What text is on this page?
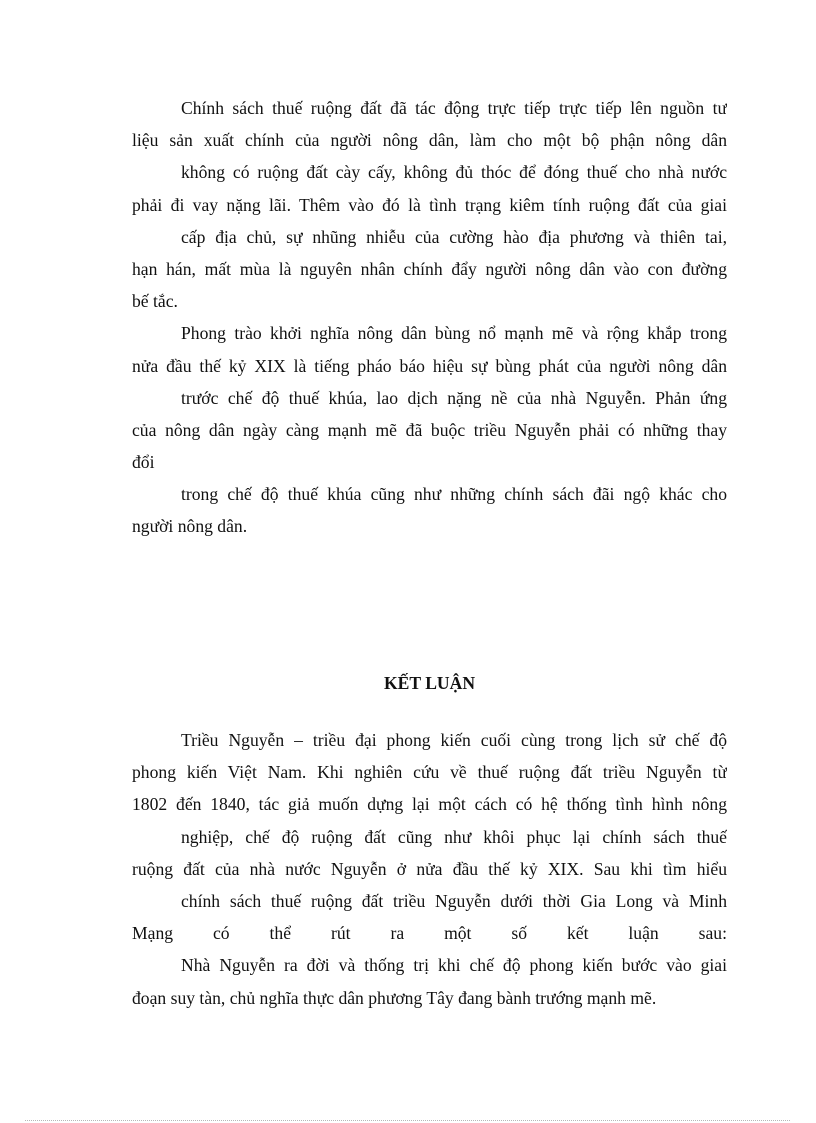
Chính sách thuế ruộng đất đã tác động trực tiếp trực tiếp lên nguồn tư
liệu sản xuất chính của người nông dân, làm cho một bộ phận nông dân
không có ruộng đất cày cấy, không đủ thóc để đóng thuế cho nhà nước
phải đi vay nặng lãi. Thêm vào đó là tình trạng kiêm tính ruộng đất của giai
cấp địa chủ, sự nhũng nhiễu của cường hào địa phương và thiên tai,
hạn hán, mất mùa là nguyên nhân chính đẩy người nông dân vào con đường
bế tắc.
Phong trào khởi nghĩa nông dân bùng nổ mạnh mẽ và rộng khắp trong
nửa đầu thế kỷ XIX là tiếng pháo báo hiệu sự bùng phát của người nông dân
trước chế độ thuế khúa, lao dịch nặng nề của nhà Nguyễn. Phản ứng
của nông dân ngày càng mạnh mẽ đã buộc triều Nguyễn phải có những thay
đổi
trong chế độ thuế khúa cũng như những chính sách đãi ngộ khác cho
người nông dân.
KẾT LUẬN
Triều Nguyễn – triều đại phong kiến cuối cùng trong lịch sử chế độ
phong kiến Việt Nam. Khi nghiên cứu về thuế ruộng đất triều Nguyễn từ
1802 đến 1840, tác giả muốn dựng lại một cách có hệ thống tình hình nông
nghiệp, chế độ ruộng đất cũng như khôi phục lại chính sách thuế
ruộng đất của nhà nước Nguyễn ở nửa đầu thế kỷ XIX. Sau khi tìm hiểu
chính sách thuế ruộng đất triều Nguyễn dưới thời Gia Long và Minh
Mạng có thể rút ra một số kết luận sau:
Nhà Nguyễn ra đời và thống trị khi chế độ phong kiến bước vào giai
đoạn suy tàn, chủ nghĩa thực dân phương Tây đang bành trướng mạnh mẽ.
